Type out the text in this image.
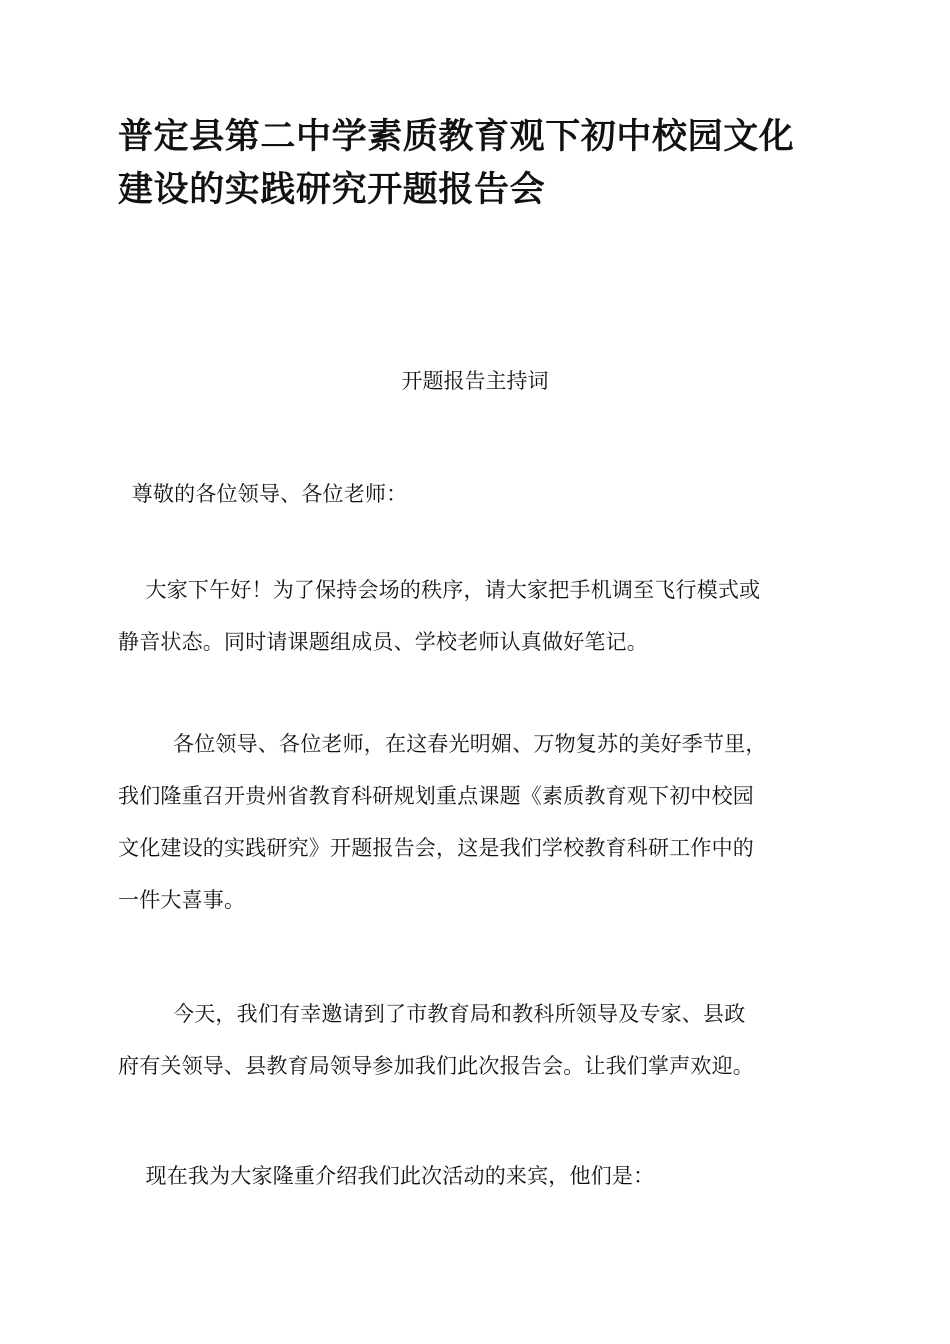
普定县第二中学素质教育观下初中校园文化
建设的实践研究开题报告会

开题报告主持词

尊敬的各位领导、各位老师：

大家下午好！为了保持会场的秩序，请大家把手机调至飞行模式或
静音状态。同时请课题组成员、学校老师认真做好笔记。

各位领导、各位老师，在这春光明媚、万物复苏的美好季节里，
我们隆重召开贵州省教育科研规划重点课题《素质教育观下初中校园
文化建设的实践研究》开题报告会，这是我们学校教育科研工作中的
一件大喜事。

今天，我们有幸邀请到了市教育局和教科所领导及专家、县政
府有关领导、县教育局领导参加我们此次报告会。让我们掌声欢迎。

现在我为大家隆重介绍我们此次活动的来宾，他们是：
